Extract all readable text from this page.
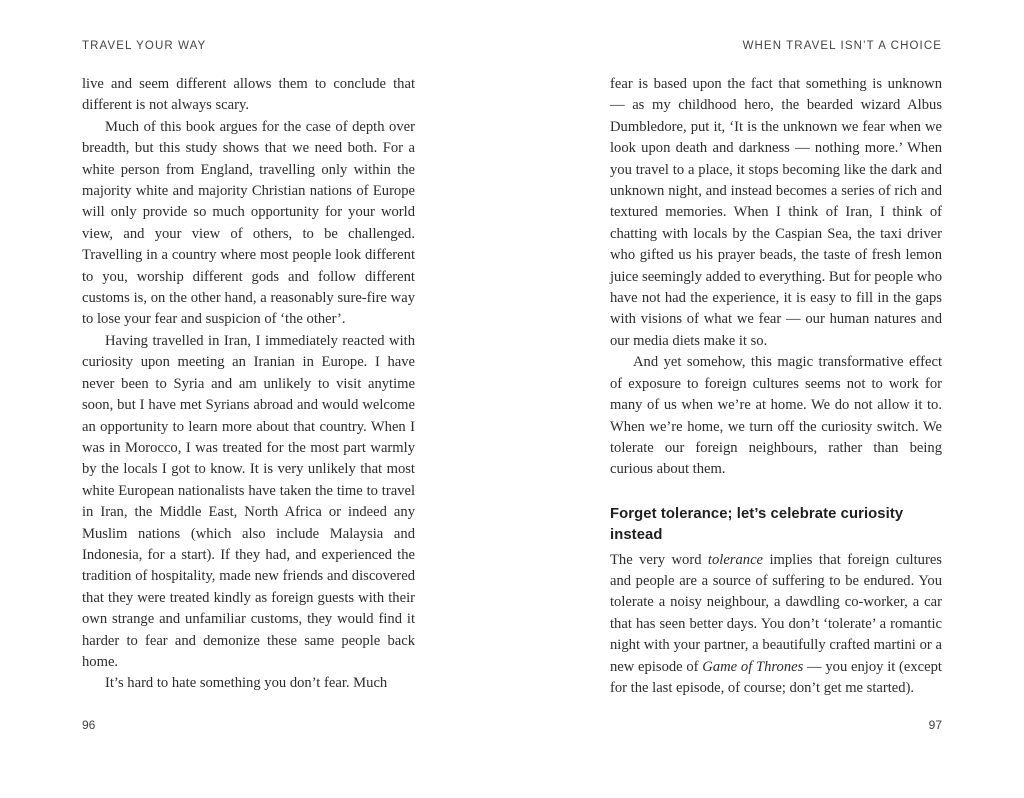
TRAVEL YOUR WAY

live and seem different allows them to conclude that different is not always scary.

Much of this book argues for the case of depth over breadth, but this study shows that we need both. For a white person from England, travelling only within the majority white and majority Christian nations of Europe will only provide so much opportunity for your world view, and your view of others, to be challenged. Travelling in a country where most people look different to you, worship different gods and follow different customs is, on the other hand, a reasonably sure-fire way to lose your fear and suspicion of ‘the other’.

Having travelled in Iran, I immediately reacted with curiosity upon meeting an Iranian in Europe. I have never been to Syria and am unlikely to visit anytime soon, but I have met Syrians abroad and would welcome an opportunity to learn more about that country. When I was in Morocco, I was treated for the most part warmly by the locals I got to know. It is very unlikely that most white European nationalists have taken the time to travel in Iran, the Middle East, North Africa or indeed any Muslim nations (which also include Malaysia and Indonesia, for a start). If they had, and experienced the tradition of hospitality, made new friends and discovered that they were treated kindly as foreign guests with their own strange and unfamiliar customs, they would find it harder to fear and demonize these same people back home.

It’s hard to hate something you don’t fear. Much

96
WHEN TRAVEL ISN’T A CHOICE

fear is based upon the fact that something is unknown — as my childhood hero, the bearded wizard Albus Dumbledore, put it, ‘It is the unknown we fear when we look upon death and darkness — nothing more.’ When you travel to a place, it stops becoming like the dark and unknown night, and instead becomes a series of rich and textured memories. When I think of Iran, I think of chatting with locals by the Caspian Sea, the taxi driver who gifted us his prayer beads, the taste of fresh lemon juice seemingly added to everything. But for people who have not had the experience, it is easy to fill in the gaps with visions of what we fear — our human natures and our media diets make it so.

And yet somehow, this magic transformative effect of exposure to foreign cultures seems not to work for many of us when we’re at home. We do not allow it to. When we’re home, we turn off the curiosity switch. We tolerate our foreign neighbours, rather than being curious about them.

Forget tolerance; let’s celebrate curiosity instead

The very word tolerance implies that foreign cultures and people are a source of suffering to be endured. You tolerate a noisy neighbour, a dawdling co-worker, a car that has seen better days. You don’t ‘tolerate’ a romantic night with your partner, a beautifully crafted martini or a new episode of Game of Thrones — you enjoy it (except for the last episode, of course; don’t get me started).

97
